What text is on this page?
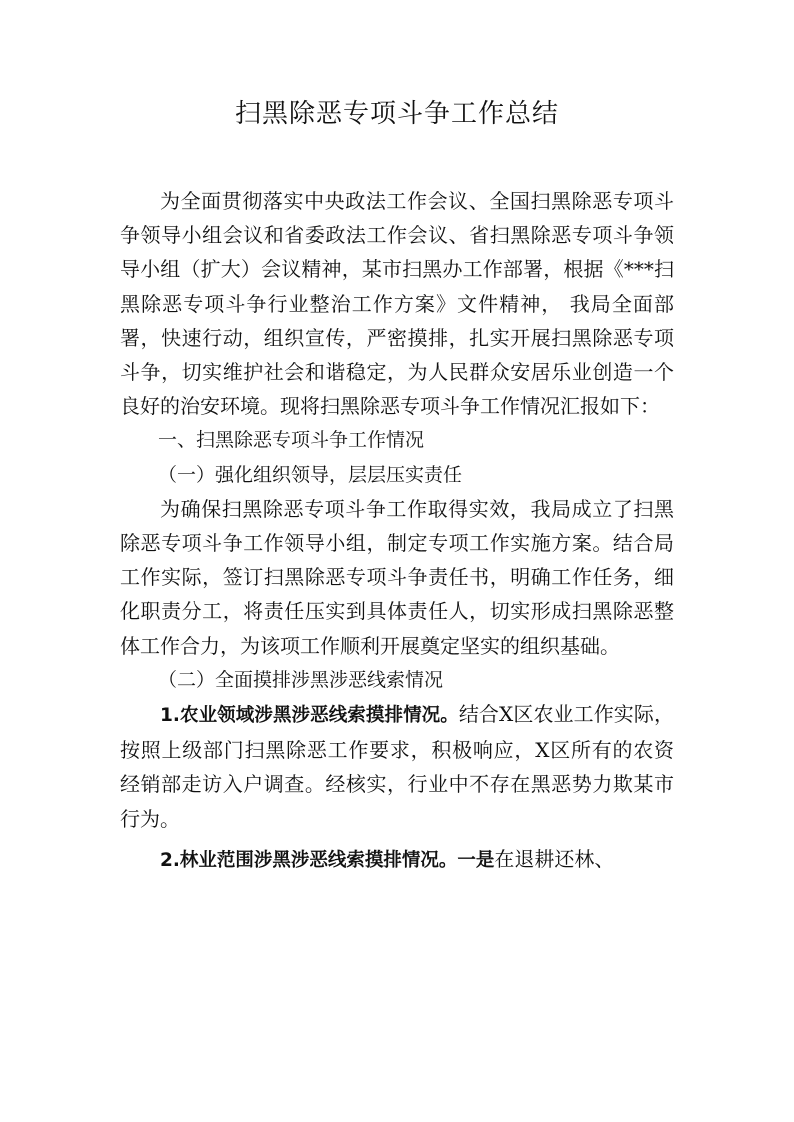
扫黑除恶专项斗争工作总结

为全面贯彻落实中央政法工作会议、全国扫黑除恶专项斗争领导小组会议和省委政法工作会议、省扫黑除恶专项斗争领导小组（扩大）会议精神，某市扫黑办工作部署，根据《***扫黑除恶专项斗争行业整治工作方案》文件精神， 我局全面部署，快速行动，组织宣传，严密摸排，扎实开展扫黑除恶专项斗争，切实维护社会和谐稳定，为人民群众安居乐业创造一个良好的治安环境。现将扫黑除恶专项斗争工作情况汇报如下：

一、扫黑除恶专项斗争工作情况

（一）强化组织领导，层层压实责任

为确保扫黑除恶专项斗争工作取得实效，我局成立了扫黑除恶专项斗争工作领导小组，制定专项工作实施方案。结合局工作实际，签订扫黑除恶专项斗争责任书，明确工作任务，细化职责分工，将责任压实到具体责任人，切实形成扫黑除恶整体工作合力，为该项工作顺利开展奠定坚实的组织基础。

（二）全面摸排涉黑涉恶线索情况

1.农业领域涉黑涉恶线索摸排情况。结合X区农业工作实际，按照上级部门扫黑除恶工作要求，积极响应，X区所有的农资经销部走访入户调查。经核实，行业中不存在黑恶势力欺某市行为。

2.林业范围涉黑涉恶线索摸排情况。一是在退耕还林、
